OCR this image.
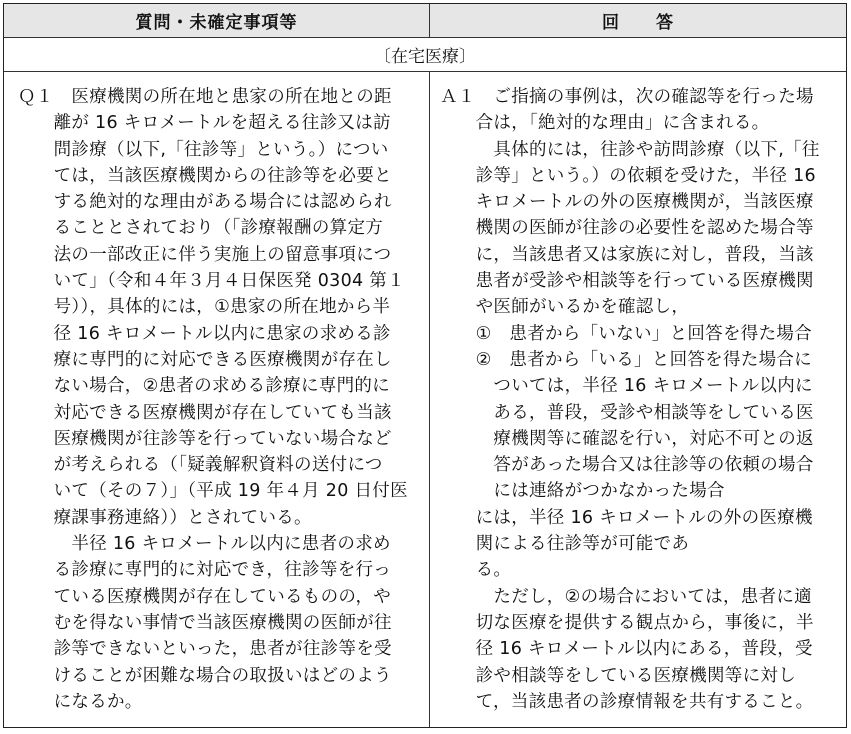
質問・未確定事項等	回　　答
〔在宅医療〕
Ｑ１　医療機関の所在地と患家の所在地との距
　　離が 16 キロメートルを超える往診又は訪
　　問診療（以下,「往診等」という。）につい
　　ては，当該医療機関からの往診等を必要と
　　する絶対的な理由がある場合には認められ
　　ることとされており（「診療報酬の算定方
　　法の一部改正に伴う実施上の留意事項につ
　　いて」（令和４年３月４日保医発 0304 第１
　　号）），具体的には，①患家の所在地から半
　　径 16 キロメートル以内に患家の求める診
　　療に専門的に対応できる医療機関が存在し
　　ない場合，②患者の求める診療に専門的に
　　対応できる医療機関が存在していても当該
　　医療機関が往診等を行っていない場合など
　　が考えられる（「疑義解釈資料の送付につ
　　いて（その７）」（平成 19 年４月 20 日付医
　　療課事務連絡））とされている。
　　　半径 16 キロメートル以内に患者の求め
　　る診療に専門的に対応でき，往診等を行っ
　　ている医療機関が存在しているものの，や
　　むを得ない事情で当該医療機関の医師が往
　　診等できないといった，患者が往診等を受
　　けることが困難な場合の取扱いはどのよう
　　になるか。
Ａ１　ご指摘の事例は，次の確認等を行った場
　　合は，「絶対的な理由」に含まれる。
　　　具体的には，往診や訪問診療（以下,「往
　　診等」という。）の依頼を受けた，半径 16
　　キロメートルの外の医療機関が，当該医療
　　機関の医師が往診の必要性を認めた場合等
　　に，当該患者又は家族に対し，普段，当該
　　患者が受診や相談等を行っている医療機関
　　や医師がいるかを確認し，
　　①　患者から「いない」と回答を得た場合
　　②　患者から「いる」と回答を得た場合に
　　　ついては，半径 16 キロメートル以内に
　　　ある，普段，受診や相談等をしている医
　　　療機関等に確認を行い，対応不可との返
　　　答があった場合又は往診等の依頼の場合
　　　には連絡がつかなかった場合
　　には，半径 16 キロメートルの外の医療機
　　関による往診等が可能であ
　　る。
　　　ただし，②の場合においては，患者に適
　　切な医療を提供する観点から，事後に，半
　　径 16 キロメートル以内にある，普段，受
　　診や相談等をしている医療機関等に対し
　　て，当該患者の診療情報を共有すること。
